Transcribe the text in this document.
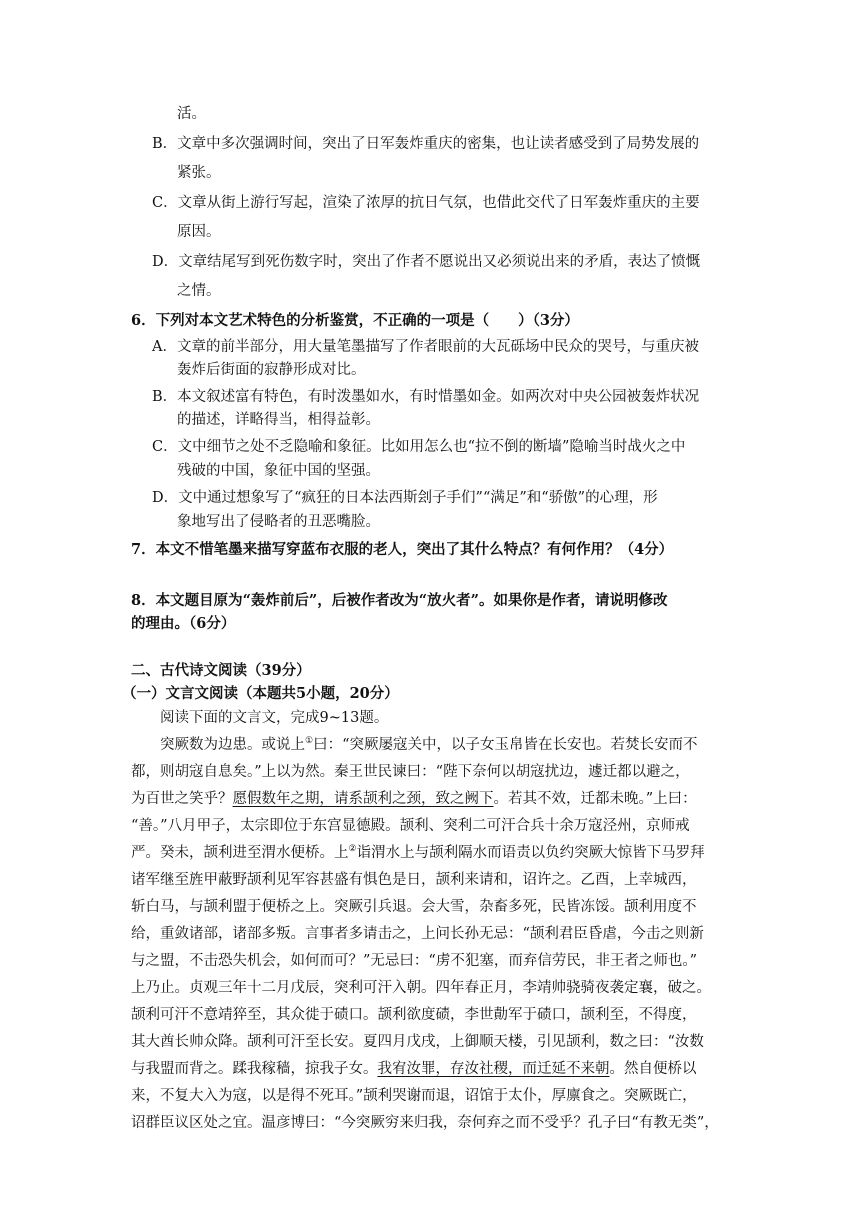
活。
B．文章中多次强调时间，突出了日军轰炸重庆的密集，也让读者感受到了局势发展的
紧张。
C．文章从街上游行写起，渲染了浓厚的抗日气氛，也借此交代了日军轰炸重庆的主要
原因。
D．文章结尾写到死伤数字时，突出了作者不愿说出又必须说出来的矛盾，表达了愤慨
之情。
6．下列对本文艺术特色的分析鉴赏，不正确的一项是（　　）（3分）
A．文章的前半部分，用大量笔墨描写了作者眼前的大瓦砾场中民众的哭号，与重庆被
轰炸后街面的寂静形成对比。
B．本文叙述富有特色，有时泼墨如水，有时惜墨如金。如两次对中央公园被轰炸状况
的描述，详略得当，相得益彰。
C．文中细节之处不乏隐喻和象征。比如用怎么也“拉不倒的断墙”隐喻当时战火之中
残破的中国，象征中国的坚强。
D．文中通过想象写了“疯狂的日本法西斯刽子手们”“满足”和“骄傲”的心理，形
象地写出了侵略者的丑恶嘴脸。
7．本文不惜笔墨来描写穿蓝布衣服的老人，突出了其什么特点？有何作用？（4分）
8．本文题目原为“轰炸前后”，后被作者改为“放火者”。如果你是作者，请说明修改
的理由。（6分）
二、古代诗文阅读（39分）
（一）文言文阅读（本题共5小题，20分）
阅读下面的文言文，完成9~13题。
突厥数为边患。或说上①曰：“突厥屡寇关中，以子女玉帛皆在长安也。若焚长安而不
都，则胡寇自息矣。”上以为然。秦王世民谏曰：“陛下奈何以胡寇扰边，遽迁都以避之，
为百世之笑乎？愿假数年之期，请系颉利之颈，致之阙下。若其不效，迁都未晚。”上曰：
“善。”八月甲子，太宗即位于东宫显德殿。颉利、突利二可汗合兵十余万寇泾州，京师戒
严。癸未，颉利进至渭水便桥。上②诣渭水上与颉利隔水而语责以负约突厥大惊皆下马罗拜
诸军继至旌甲蔽野颉利见军容甚盛有惧色是日，颉利来请和，诏许之。乙酉，上幸城西，
斩白马，与颉利盟于便桥之上。突厥引兵退。会大雪，杂畜多死，民皆冻馁。颉利用度不
给，重敛诸部，诸部多叛。言事者多请击之，上问长孙无忌：“颉利君臣昏虐，今击之则新
与之盟，不击恐失机会，如何而可？”无忌曰：“虏不犯塞，而弃信劳民，非王者之师也。”
上乃止。贞观三年十二月戊辰，突利可汗入朝。四年春正月，李靖帅骁骑夜袭定襄，破之。
颉利可汗不意靖猝至，其众徙于碛口。颉利欲度碛，李世勣军于碛口，颉利至，不得度，
其大酋长帅众降。颉利可汗至长安。夏四月戊戌，上御顺天楼，引见颉利，数之曰：“汝数
与我盟而背之。蹂我稼穑，掠我子女。我宥汝罪，存汝社稷，而迁延不来朝。然自便桥以
来，不复大入为寇，以是得不死耳。”颉利哭谢而退，诏馆于太仆，厚廪食之。突厥既亡，
诏群臣议区处之宜。温彦博曰：“今突厥穷来归我，奈何弃之而不受乎？孔子曰“有教无类”，
